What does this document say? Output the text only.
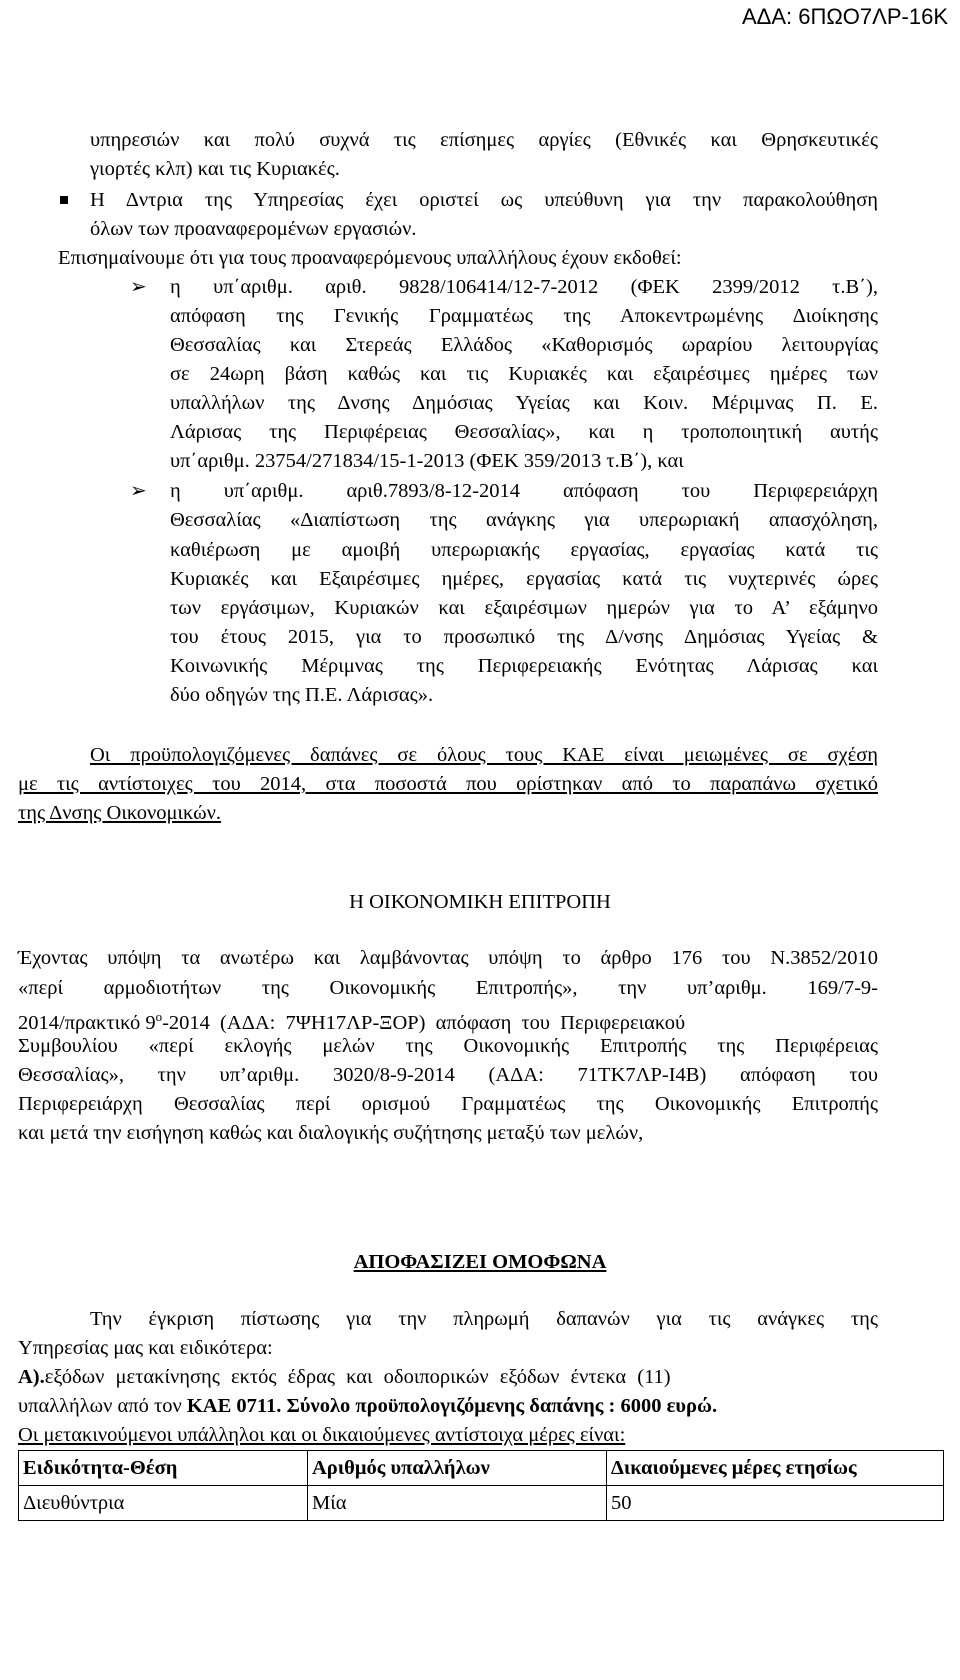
ΑΔΑ: 6ΠΩΟ7ΛΡ-16Κ
υπηρεσιών και πολύ συχνά τις επίσημες αργίες (Εθνικές και Θρησκευτικές
γιορτές κλπ) και τις Κυριακές.
Η Δντρια της Υπηρεσίας έχει οριστεί ως υπεύθυνη για την παρακολούθηση
όλων των προαναφερομένων εργασιών.
Επισημαίνουμε ότι για τους προαναφερόμενους υπαλλήλους έχουν εκδοθεί:
➢ η υπ΄αριθμ. αριθ. 9828/106414/12-7-2012 (ΦΕΚ 2399/2012 τ.Β΄),
απόφαση της Γενικής Γραμματέως της Αποκεντρωμένης Διοίκησης
Θεσσαλίας και Στερεάς Ελλάδος «Καθορισμός ωραρίου λειτουργίας
σε 24ωρη βάση καθώς και τις Κυριακές και εξαιρέσιμες ημέρες των
υπαλλήλων της Δνσης Δημόσιας Υγείας και Κοιν. Μέριμνας Π. Ε.
Λάρισας της Περιφέρειας Θεσσαλίας», και η τροποποιητική αυτής
υπ΄αριθμ. 23754/271834/15-1-2013 (ΦΕΚ 359/2013 τ.Β΄), και
➢ η υπ΄αριθμ. αριθ.7893/8-12-2014 απόφαση του Περιφερειάρχη
Θεσσαλίας «Διαπίστωση της ανάγκης για υπερωριακή απασχόληση,
καθιέρωση με αμοιβή υπερωριακής εργασίας, εργασίας κατά τις
Κυριακές και Εξαιρέσιμες ημέρες, εργασίας κατά τις νυχτερινές ώρες
των εργάσιμων, Κυριακών και εξαιρέσιμων ημερών για το Α’ εξάμηνο
του έτους 2015, για το προσωπικό της Δ/νσης Δημόσιας Υγείας &
Κοινωνικής Μέριμνας της Περιφερειακής Ενότητας Λάρισας και
δύο οδηγών της Π.Ε. Λάρισας».
Οι προϋπολογιζόμενες δαπάνες σε όλους τους ΚΑΕ είναι μειωμένες σε σχέση
με τις αντίστοιχες του 2014, στα ποσοστά που ορίστηκαν από το παραπάνω σχετικό
της Δνσης Οικονομικών.
Η ΟΙΚΟΝΟΜΙΚΗ ΕΠΙΤΡΟΠΗ
Έχοντας υπόψη τα ανωτέρω και λαμβάνοντας υπόψη το άρθρο 176 του Ν.3852/2010
«περί αρμοδιοτήτων της Οικονομικής Επιτροπής», την υπ’αριθμ. 169/7-9-
2014/πρακτικό $9^o-2014$ (ΑΔΑ: 7ΨΗ17ΛΡ-ΞΟΡ) απόφαση του Περιφερειακού
Συμβουλίου «περί εκλογής μελών της Οικονομικής Επιτροπής της Περιφέρειας
Θεσσαλίας», την υπ’αριθμ. 3020/8-9-2014 (ΑΔΑ: 71ΤΚ7ΛΡ-Ι4Β) απόφαση του
Περιφερειάρχη Θεσσαλίας περί ορισμού Γραμματέως της Οικονομικής Επιτροπής
και μετά την εισήγηση καθώς και διαλογικής συζήτησης μεταξύ των μελών,
ΑΠΟΦΑΣΙΖΕΙ ΟΜΟΦΩΝΑ
Την έγκριση πίστωσης για την πληρωμή δαπανών για τις ανάγκες της
Υπηρεσίας μας και ειδικότερα:
Α).εξόδων μετακίνησης εκτός έδρας και οδοιπορικών εξόδων έντεκα (11)
υπαλλήλων από τον ΚΑΕ 0711. Σύνολο προϋπολογιζόμενης δαπάνης : 6000 ευρώ.
Οι μετακινούμενοι υπάλληλοι και οι δικαιούμενες αντίστοιχα μέρες είναι:
Ειδικότητα-Θέση	Αριθμός υπαλλήλων	Δικαιούμενες μέρες ετησίως
Διευθύντρια	Μία	50
